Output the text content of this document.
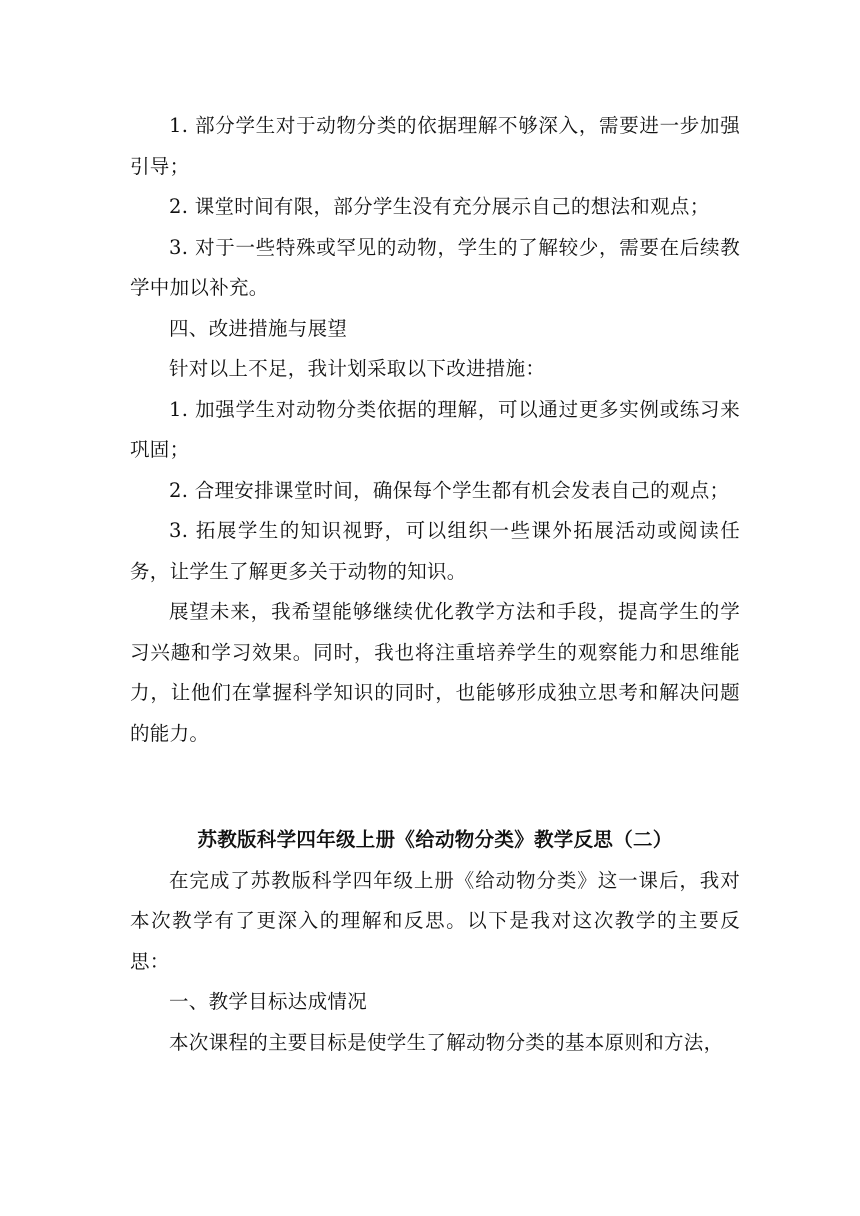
1. 部分学生对于动物分类的依据理解不够深入，需要进一步加强引导；

2. 课堂时间有限，部分学生没有充分展示自己的想法和观点；

3. 对于一些特殊或罕见的动物，学生的了解较少，需要在后续教学中加以补充。

四、改进措施与展望

针对以上不足，我计划采取以下改进措施：

1. 加强学生对动物分类依据的理解，可以通过更多实例或练习来巩固；

2. 合理安排课堂时间，确保每个学生都有机会发表自己的观点；

3. 拓展学生的知识视野，可以组织一些课外拓展活动或阅读任务，让学生了解更多关于动物的知识。

展望未来，我希望能够继续优化教学方法和手段，提高学生的学习兴趣和学习效果。同时，我也将注重培养学生的观察能力和思维能力，让他们在掌握科学知识的同时，也能够形成独立思考和解决问题的能力。

苏教版科学四年级上册《给动物分类》教学反思（二）

在完成了苏教版科学四年级上册《给动物分类》这一课后，我对本次教学有了更深入的理解和反思。以下是我对这次教学的主要反思：

一、教学目标达成情况

本次课程的主要目标是使学生了解动物分类的基本原则和方法，
